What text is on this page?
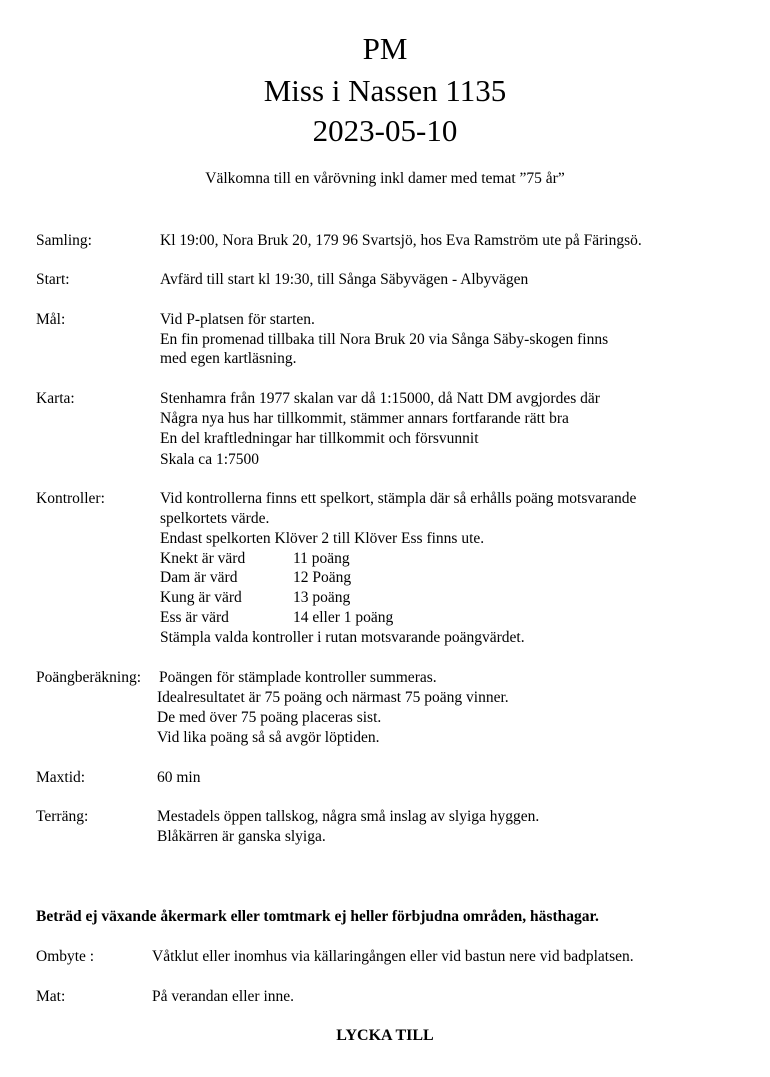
PM
Miss i Nassen 1135
2023-05-10
Välkomna till en vårövning inkl damer med temat ”75 år”
Samling:	Kl 19:00, Nora Bruk 20, 179 96 Svartsjö, hos Eva Ramström ute på Färingsö.
Start:	Avfärd till start kl 19:30, till Sånga Säbyvägen - Albyvägen
Mål:	Vid P-platsen för starten.
En fin promenad tillbaka till Nora Bruk 20 via Sånga Säby-skogen finns
med egen kartläsning.
Karta:	Stenhamra från 1977 skalan var då 1:15000, då Natt DM avgjordes där
Några nya hus har tillkommit, stämmer annars fortfarande rätt bra
En del kraftledningar har tillkommit och försvunnit
Skala ca 1:7500
Kontroller:	Vid kontrollerna finns ett spelkort, stämpla där så erhålls poäng motsvarande
spelkortets värde.
Endast spelkorten Klöver 2 till Klöver Ess finns ute.
Knekt är värd	11 poäng
Dam är värd	12 Poäng
Kung är värd	13 poäng
Ess är värd	14 eller 1 poäng
Stämpla valda kontroller i rutan motsvarande poängvärdet.
Poängberäkning: Poängen för stämplade kontroller summeras.
Idealresultatet är 75 poäng och närmast 75 poäng vinner.
De med över 75 poäng placeras sist.
Vid lika poäng så så avgör löptiden.
Maxtid:	60 min
Terräng:	Mestadels öppen tallskog, några små inslag av slyiga hyggen.
Blåkärren är ganska slyiga.
Beträd ej växande åkermark eller tomtmark ej heller förbjudna områden, hästhagar.
Ombyte :	Våtklut eller inomhus via källaringången eller vid bastun nere vid badplatsen.
Mat:	På verandan eller inne.
LYCKA TILL
